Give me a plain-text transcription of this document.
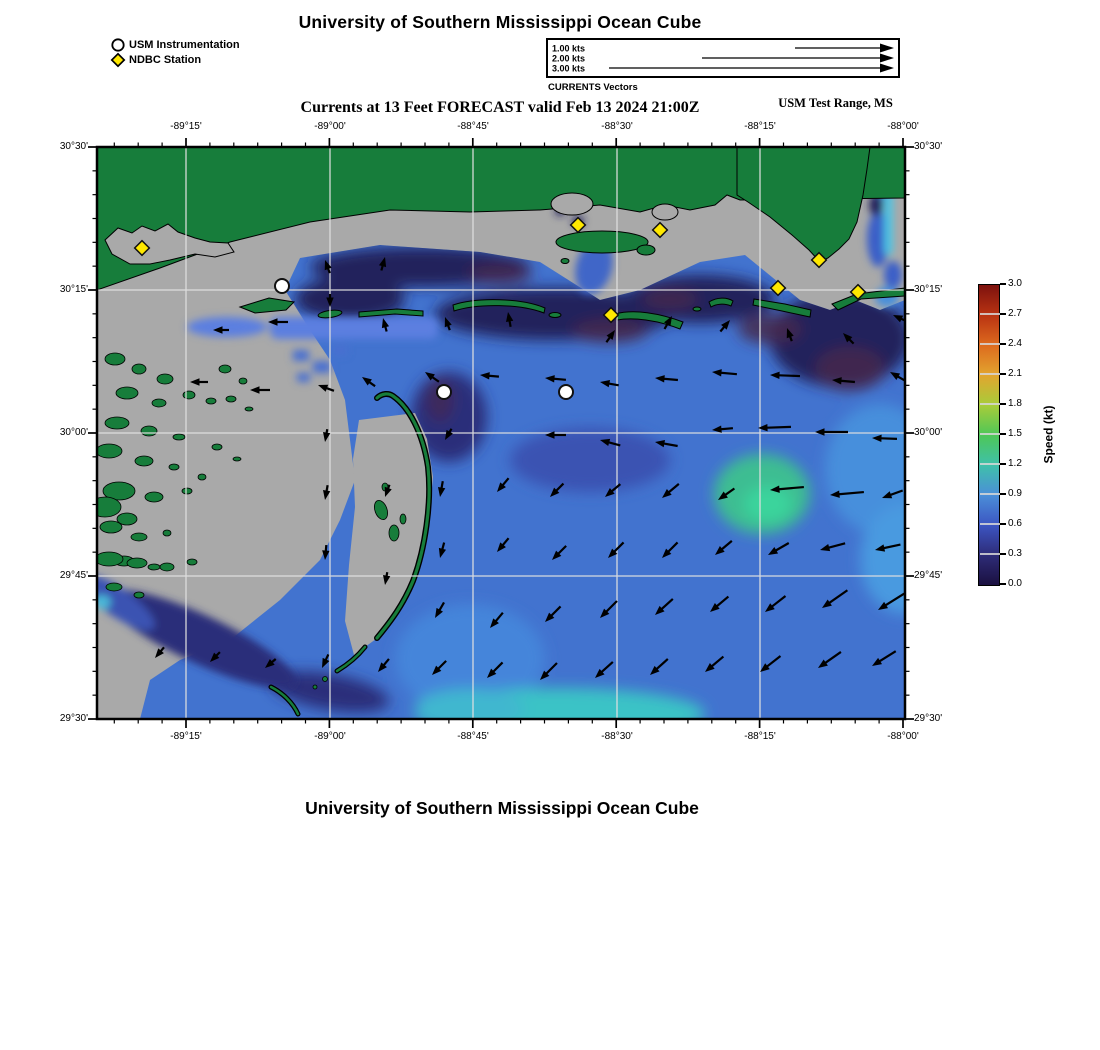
University of Southern Mississippi Ocean Cube
Currents at 13 Feet FORECAST valid Feb 13 2024 21:00Z	USM Test Range, MS
University of Southern Mississippi Ocean Cube
USM Instrumentation
NDBC Station
1.00 kts
2.00 kts
3.00 kts
CURRENTS Vectors
Speed (kt)
-89°15'
-89°15'
-89°00'
-89°00'
-88°45'
-88°45'
-88°30'
-88°30'
-88°15'
-88°15'
-88°00'
-88°00'
30°30'	30°30'
30°15'	30°15'
30°00'	30°00'
29°45'	29°45'
29°30'	29°30'
0.0
0.3
0.6
0.9
1.2
1.5
1.8
2.1
2.4
2.7
3.0
